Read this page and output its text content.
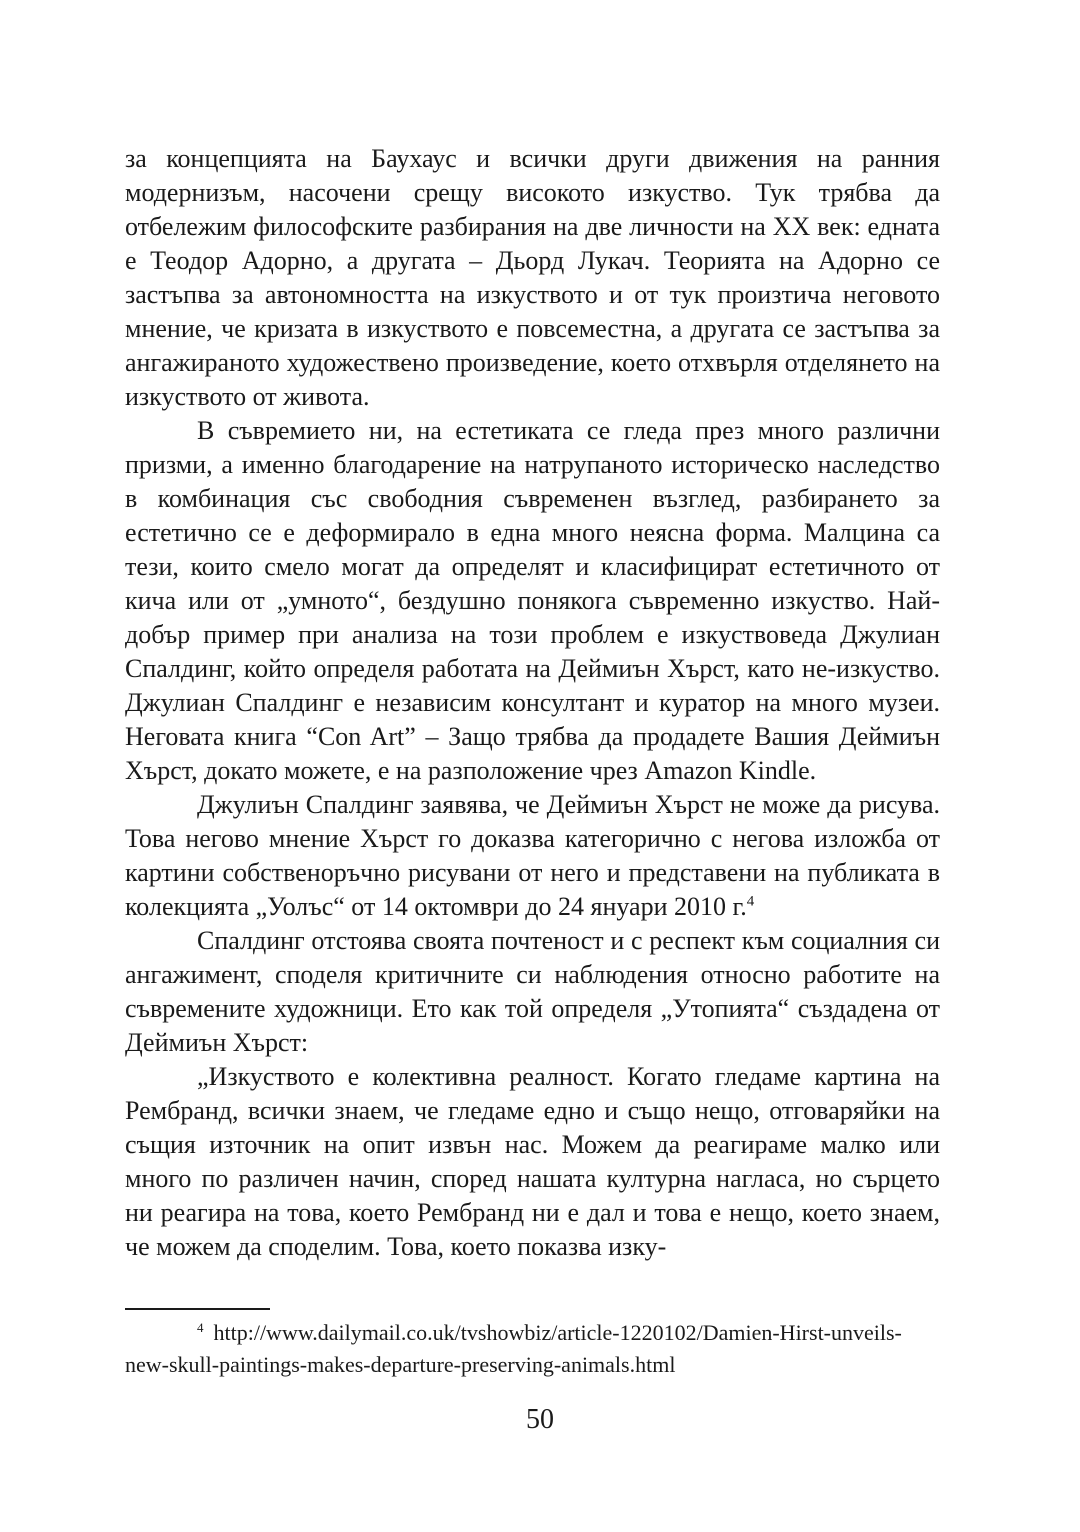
за концепцията на Баухаус и всички други движения на ранния модернизъм, насочени срещу високото изкуство. Тук трябва да отбележим философските разбирания на две личности на ХХ век: едната е Теодор Адорно, а другата – Дьорд Лукач. Теорията на Адорно се застъпва за автономността на изкуството и от тук произтича неговото мнение, че кризата в изкуството е повсеместна, а другата се застъпва за ангажираното художествено произведение, което отхвърля отделянето на изкуството от живота.

В съвремието ни, на естетиката се гледа през много различни призми, а именно благодарение на натрупаното историческо наследство в комбинация със свободния съвременен възглед, разбирането за естетично се е деформирало в една много неясна форма. Малцина са тези, които смело могат да определят и класифицират естетичното от кича или от „умното“, бездушно понякога съвременно изкуство. Най-добър пример при анализа на този проблем е изкуствоведа Джулиан Спалдинг, който определя работата на Деймиън Хърст, като не-изкуство. Джулиан Спалдинг е независим консултант и куратор на много музеи. Неговата книга “Con Art” – Защо трябва да продадете Вашия Деймиън Хърст, докато можете, е на разположение чрез Amazon Kindle.

Джулиън Спалдинг заявява, че Деймиън Хърст не може да рисува. Това негово мнение Хърст го доказва категорично с негова изложба от картини собственоръчно рисувани от него и представени на публиката в колекцията „Уолъс“ от 14 октомври до 24 януари 2010 г.$^4$

Спалдинг отстоява своята почтеност и с респект към социалния си ангажимент, споделя критичните си наблюдения относно работите на съвремените художници. Ето как той определя „Утопията“ създадена от Деймиън Хърст:

„Изкуството е колективна реалност. Когато гледаме картина на Рембранд, всички знаем, че гледаме едно и също нещо, отговаряйки на същия източник на опит извън нас. Можем да реагираме малко или много по различен начин, според нашата културна нагласа, но сърцето ни реагира на това, което Рембранд ни е дал и това е нещо, което знаем, че можем да споделим. Това, което показва изку-

$^4$ http://www.dailymail.co.uk/tvshowbiz/article-1220102/Damien-Hirst-unveils-new-skull-paintings-makes-departure-preserving-animals.html

50
